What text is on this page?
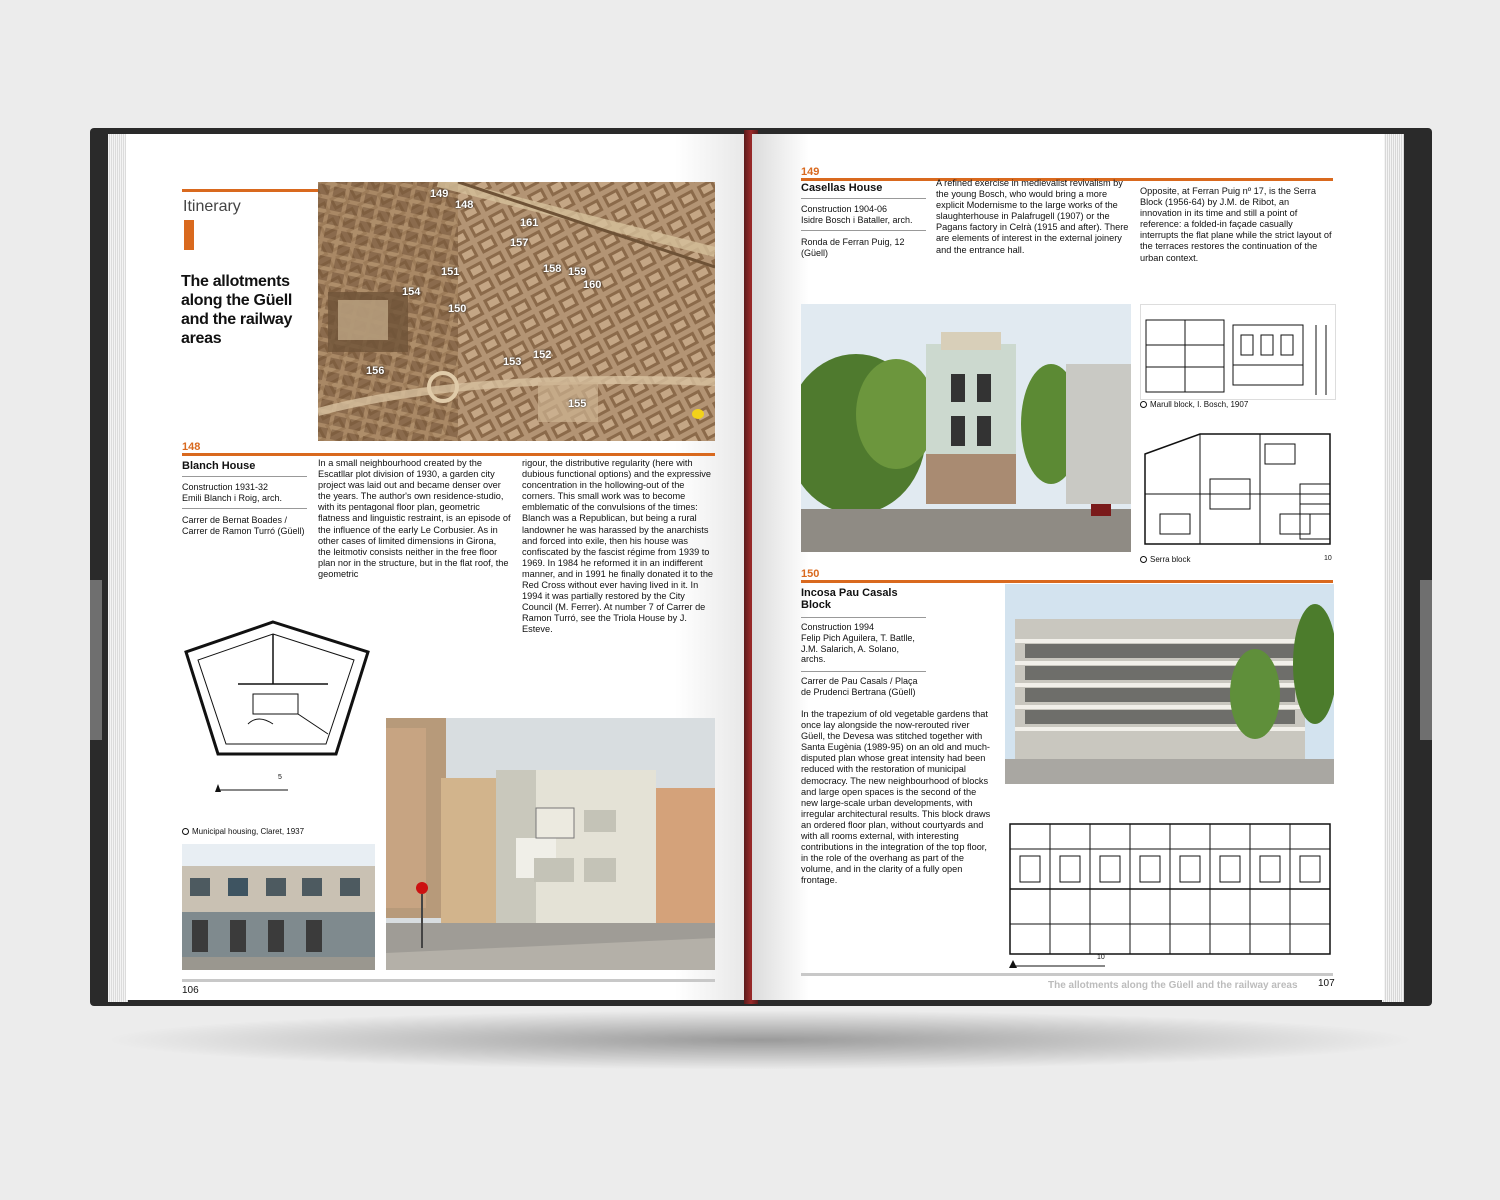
Itinerary
The allotments along the Güell and the railway areas
149
148
161
157
151	158 159
160
154
150
153
152
156
155
148
Blanch House
Construction 1931-32
Emili Blanch i Roig, arch.
Carrer de Bernat Boades / Carrer de Ramon Turró (Güell)

In a small neighbourhood created by the Escatllar plot division of 1930, a garden city project was laid out and became denser over the years. The author's own residence-studio, with its pentagonal floor plan, geometric flatness and linguistic restraint, is an episode of the influence of the early Le Corbusier. As in other cases of limited dimensions in Girona, the leitmotiv consists neither in the free floor plan nor in the structure, but in the flat roof, the geometric

rigour, the distributive regularity (here with dubious functional options) and the expressive concentration in the hollowing-out of the corners. This small work was to become emblematic of the convulsions of the times: Blanch was a Republican, but being a rural landowner he was harassed by the anarchists and forced into exile, then his house was confiscated by the fascist régime from 1939 to 1969. In 1984 he reformed it in an indifferent manner, and in 1991 he finally donated it to the Red Cross without ever having lived in it. In 1994 it was partially restored by the City Council (M. Ferrer). At number 7 of Carrer de Ramon Turró, see the Triola House by J. Esteve.

5
Municipal housing, Claret, 1937
106
149
Casellas House
Construction 1904-06
Isidre Bosch i Bataller, arch.
Ronda de Ferran Puig, 12 (Güell)

A refined exercise in medievalist revivalism by the young Bosch, who would bring a more explicit Modernisme to the large works of the slaughterhouse in Palafrugell (1907) or the Pagans factory in Celrà (1915 and after). There are elements of interest in the external joinery and the entrance hall.

Opposite, at Ferran Puig nº 17, is the Serra Block (1956-64) by J.M. de Ribot, an innovation in its time and still a point of reference: a folded-in façade casually interrupts the flat plane while the strict layout of the terraces restores the continuation of the urban context.

Marull block, I. Bosch, 1907
Serra block	10
150
Incosa Pau Casals Block
Construction 1994
Felip Pich Aguilera, T. Batlle, J.M. Salarich, A. Solano, archs.
Carrer de Pau Casals / Plaça de Prudenci Bertrana (Güell)

In the trapezium of old vegetable gardens that once lay alongside the now-rerouted river Güell, the Devesa was stitched together with Santa Eugènia (1989-95) on an old and much-disputed plan whose great intensity had been reduced with the restoration of municipal democracy. The new neighbourhood of blocks and large open spaces is the second of the new large-scale urban developments, with irregular architectural results. This block draws an ordered floor plan, without courtyards and with all rooms external, with interesting contributions in the integration of the top floor, in the role of the overhang as part of the volume, and in the clarity of a fully open frontage.

10
The allotments along the Güell and the railway areas 107
